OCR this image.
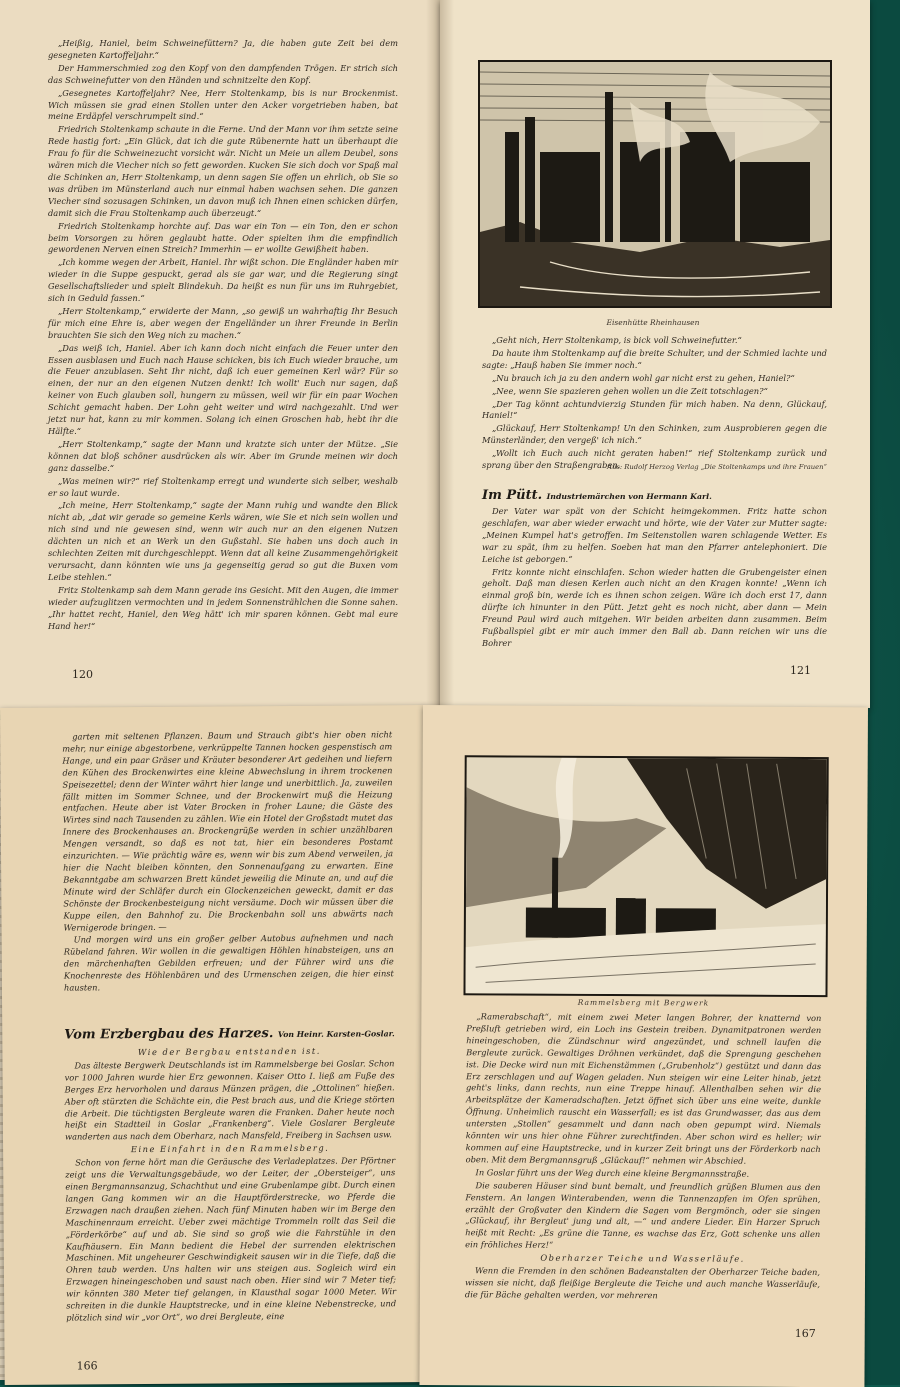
„Heißig, Haniel, beim Schweinefüttern? Ja, die haben gute Zeit bei dem gesegneten Kartoffeljahr.“

Der Hammerschmied zog den Kopf von den dampfenden Trögen. Er strich sich das Schweinefutter von den Händen und schnitzelte den Kopf.

„Gesegnetes Kartoffeljahr? Nee, Herr Stoltenkamp, bis is nur Brockenmist. Wich müssen sie grad einen Stollen unter den Acker vorgetrieben haben, bat meine Erdäpfel verschrumpelt sind.“

Friedrich Stoltenkamp schaute in die Ferne. Und der Mann vor ihm setzte seine Rede hastig fort: „Ein Glück, dat ich die gute Rübenernte hatt un überhaupt die Frau fo für die Schweinezucht vorsicht wär. Nicht un Meie un allem Deubel, sons wären mich die Viecher nich so fett geworden. Kucken Sie sich doch vor Spaß mal die Schinken an, Herr Stoltenkamp, un denn sagen Sie offen un ehrlich, ob Sie so was drüben im Münsterland auch nur einmal haben wachsen sehen. Die ganzen Viecher sind sozusagen Schinken, un davon muß ich Ihnen einen schicken dürfen, damit sich die Frau Stoltenkamp auch überzeugt.“

Friedrich Stoltenkamp horchte auf. Das war ein Ton — ein Ton, den er schon beim Vorsorgen zu hören geglaubt hatte. Oder spielten ihm die empfindlich gewordenen Nerven einen Streich? Immerhin — er wollte Gewißheit haben.

„Ich komme wegen der Arbeit, Haniel. Ihr wißt schon. Die Engländer haben mir wieder in die Suppe gespuckt, gerad als sie gar war, und die Regierung singt Gesellschaftslieder und spielt Blindekuh. Da heißt es nun für uns im Ruhrgebiet, sich in Geduld fassen.“

„Herr Stoltenkamp,“ erwiderte der Mann, „so gewiß un wahrhaftig Ihr Besuch für mich eine Ehre is, aber wegen der Engelländer un ihrer Freunde in Berlin brauchten Sie sich den Weg nich zu machen.“

„Das weiß ich, Haniel. Aber ich kann doch nicht einfach die Feuer unter den Essen ausblasen und Euch nach Hause schicken, bis ich Euch wieder brauche, um die Feuer anzublasen. Seht Ihr nicht, daß ich euer gemeinen Kerl wär? Für so einen, der nur an den eigenen Nutzen denkt! Ich wollt' Euch nur sagen, daß keiner von Euch glauben soll, hungern zu müssen, weil wir für ein paar Wochen Schicht gemacht haben. Der Lohn geht weiter und wird nachgezahlt. Und wer jetzt nur hat, kann zu mir kommen. Solang ich einen Groschen hab, hebt ihr die Hälfte.“

„Herr Stoltenkamp,“ sagte der Mann und kratzte sich unter der Mütze. „Sie können dat bloß schöner ausdrücken als wir. Aber im Grunde meinen wir doch ganz dasselbe.“

„Was meinen wir?“ rief Stoltenkamp erregt und wunderte sich selber, weshalb er so laut wurde.

„Ich meine, Herr Stoltenkamp,“ sagte der Mann ruhig und wandte den Blick nicht ab, „dat wir gerade so gemeine Kerls wären, wie Sie et nich sein wollen und nich sind und nie gewesen sind, wenn wir auch nur an den eigenen Nutzen dächten un nich et an Werk un den Gußstahl. Sie haben uns doch auch in schlechten Zeiten mit durchgeschleppt. Wenn dat all keine Zusammengehörigkeit verursacht, dann könnten wie uns ja gegenseitig gerad so gut die Buxen vom Leibe stehlen.“

Fritz Stoltenkamp sah dem Mann gerade ins Gesicht. Mit den Augen, die immer wieder aufzuglitzen vermochten und in jedem Sonnenstrählchen die Sonne sahen. „Ihr hattet recht, Haniel, den Weg hätt' ich mir sparen können. Gebt mal eure Hand her!“

120
Eisenhütte Rheinhausen

„Geht nich, Herr Stoltenkamp, is bick voll Schweinefutter.“

Da haute ihm Stoltenkamp auf die breite Schulter, und der Schmied lachte und sagte: „Hauß haben Sie immer noch.“

„Nu brauch ich ja zu den andern wohl gar nicht erst zu gehen, Haniel?“

„Nee, wenn Sie spazieren gehen wollen un die Zeit totschlagen?“

„Der Tag könnt achtundvierzig Stunden für mich haben. Na denn, Glückauf, Haniel!“

„Glückauf, Herr Stoltenkamp! Un den Schinken, zum Ausprobieren gegen die Münsterländer, den vergeß' ich nich.“

„Wollt ich Euch auch nicht geraten haben!“ rief Stoltenkamp zurück und sprang über den Straßengraben.

Aus: Rudolf Herzog Verlag „Die Stoltenkamps und ihre Frauen“
Im Pütt. Industriemärchen von Hermann Karl.

Der Vater war spät von der Schicht heimgekommen. Fritz hatte schon geschlafen, war aber wieder erwacht und hörte, wie der Vater zur Mutter sagte: „Meinen Kumpel hat's getroffen. Im Seitenstollen waren schlagende Wetter. Es war zu spät, ihm zu helfen. Soeben hat man den Pfarrer antelephoniert. Die Leiche ist geborgen.“

Fritz konnte nicht einschlafen. Schon wieder hatten die Grubengeister einen geholt. Daß man diesen Kerlen auch nicht an den Kragen konnte! „Wenn ich einmal groß bin, werde ich es ihnen schon zeigen. Wäre ich doch erst 17, dann dürfte ich hinunter in den Pütt. Jetzt geht es noch nicht, aber dann — Mein Freund Paul wird auch mitgehen. Wir beiden arbeiten dann zusammen. Beim Fußballspiel gibt er mir auch immer den Ball ab. Dann reichen wir uns die Bohrer

121

garten mit seltenen Pflanzen. Baum und Strauch gibt's hier oben nicht mehr, nur einige abgestorbene, verkrüppelte Tannen hocken gespenstisch am Hange, und ein paar Gräser und Kräuter besonderer Art gedeihen und liefern den Kühen des Brockenwirtes eine kleine Abwechslung in ihrem trockenen Speisezettel; denn der Winter währt hier lange und unerbittlich. Ja, zuweilen fällt mitten im Sommer Schnee, und der Brockenwirt muß die Heizung entfachen. Heute aber ist Vater Brocken in froher Laune; die Gäste des Wirtes sind nach Tausenden zu zählen. Wie ein Hotel der Großstadt mutet das Innere des Brockenhauses an. Brockengrüße werden in schier unzählbaren Mengen versandt, so daß es not tat, hier ein besonderes Postamt einzurichten. — Wie prächtig wäre es, wenn wir bis zum Abend verweilen, ja hier die Nacht bleiben könnten, den Sonnenaufgang zu erwarten. Eine Bekanntgabe am schwarzen Brett kündet jeweilig die Minute an, und auf die Minute wird der Schläfer durch ein Glockenzeichen geweckt, damit er das Schönste der Brockenbesteigung nicht versäume. Doch wir müssen über die Kuppe eilen, den Bahnhof zu. Die Brockenbahn soll uns abwärts nach Wernigerode bringen. —

Und morgen wird uns ein großer gelber Autobus aufnehmen und nach Rübeland fahren. Wir wollen in die gewaltigen Höhlen hinabsteigen, uns an den märchenhaften Gebilden erfreuen; und der Führer wird uns die Knochenreste des Höhlenbären und des Urmenschen zeigen, die hier einst hausten.

Vom Erzbergbau des Harzes. Von Heinr. Karsten-Goslar.

Wie der Bergbau entstanden ist.

Das älteste Bergwerk Deutschlands ist im Rammelsberge bei Goslar. Schon vor 1000 Jahren wurde hier Erz gewonnen. Kaiser Otto I. ließ am Fuße des Berges Erz hervorholen und daraus Münzen prägen, die „Ottolinen“ hießen. Aber oft stürzten die Schächte ein, die Pest brach aus, und die Kriege störten die Arbeit. Die tüchtigsten Bergleute waren die Franken. Daher heute noch heißt ein Stadtteil in Goslar „Frankenberg“. Viele Goslarer Bergleute wanderten aus nach dem Oberharz, nach Mansfeld, Freiberg in Sachsen usw.

Eine Einfahrt in den Rammelsberg.

Schon von ferne hört man die Geräusche des Verladeplatzes. Der Pförtner zeigt uns die Verwaltungsgebäude, wo der Leiter, der „Obersteiger“, uns einen Bergmannsanzug, Schachthut und eine Grubenlampe gibt. Durch einen langen Gang kommen wir an die Hauptförderstrecke, wo Pferde die Erzwagen nach draußen ziehen. Nach fünf Minuten haben wir im Berge den Maschinenraum erreicht. Ueber zwei mächtige Trommeln rollt das Seil die „Förderkörbe“ auf und ab. Sie sind so groß wie die Fahrstühle in den Kaufhäusern. Ein Mann bedient die Hebel der surrenden elektrischen Maschinen. Mit ungeheurer Geschwindigkeit sausen wir in die Tiefe, daß die Ohren taub werden. Uns halten wir uns steigen aus. Sogleich wird ein Erzwagen hineingeschoben und saust nach oben. Hier sind wir 7 Meter tief; wir könnten 380 Meter tief gelangen, in Klausthal sogar 1000 Meter. Wir schreiten in die dunkle Hauptstrecke, und in eine kleine Nebenstrecke, und plötzlich sind wir „vor Ort“, wo drei Bergleute, eine

166
Rammelsberg mit Bergwerk

„Ramerabschaft“, mit einem zwei Meter langen Bohrer, der knatternd von Preßluft getrieben wird, ein Loch ins Gestein treiben. Dynamitpatronen werden hineingeschoben, die Zündschnur wird angezündet, und schnell laufen die Bergleute zurück. Gewaltiges Dröhnen verkündet, daß die Sprengung geschehen ist. Die Decke wird nun mit Eichenstämmen („Grubenholz“) gestützt und dann das Erz zerschlagen und auf Wagen geladen. Nun steigen wir eine Leiter hinab, jetzt geht's links, dann rechts, nun eine Treppe hinauf. Allenthalben sehen wir die Arbeitsplätze der Kameradschaften. Jetzt öffnet sich über uns eine weite, dunkle Öffnung. Unheimlich rauscht ein Wasserfall; es ist das Grundwasser, das aus dem untersten „Stollen“ gesammelt und dann nach oben gepumpt wird. Niemals könnten wir uns hier ohne Führer zurechtfinden. Aber schon wird es heller; wir kommen auf eine Hauptstrecke, und in kurzer Zeit bringt uns der Förderkorb nach oben. Mit dem Bergmannsgruß „Glückauf!“ nehmen wir Abschied.

In Goslar führt uns der Weg durch eine kleine Bergmannsstraße.

Die sauberen Häuser sind bunt bemalt, und freundlich grüßen Blumen aus den Fenstern. An langen Winterabenden, wenn die Tannenzapfen im Ofen sprühen, erzählt der Großvater den Kindern die Sagen vom Bergmönch, oder sie singen „Glückauf, ihr Bergleut' jung und alt, —“ und andere Lieder. Ein Harzer Spruch heißt mit Recht: „Es grüne die Tanne, es wachse das Erz, Gott schenke uns allen ein fröhliches Herz!“

Oberharzer Teiche und Wasserläufe.

Wenn die Fremden in den schönen Badeanstalten der Oberharzer Teiche baden, wissen sie nicht, daß fleißige Bergleute die Teiche und auch manche Wasserläufe, die für Bäche gehalten werden, vor mehreren

167
